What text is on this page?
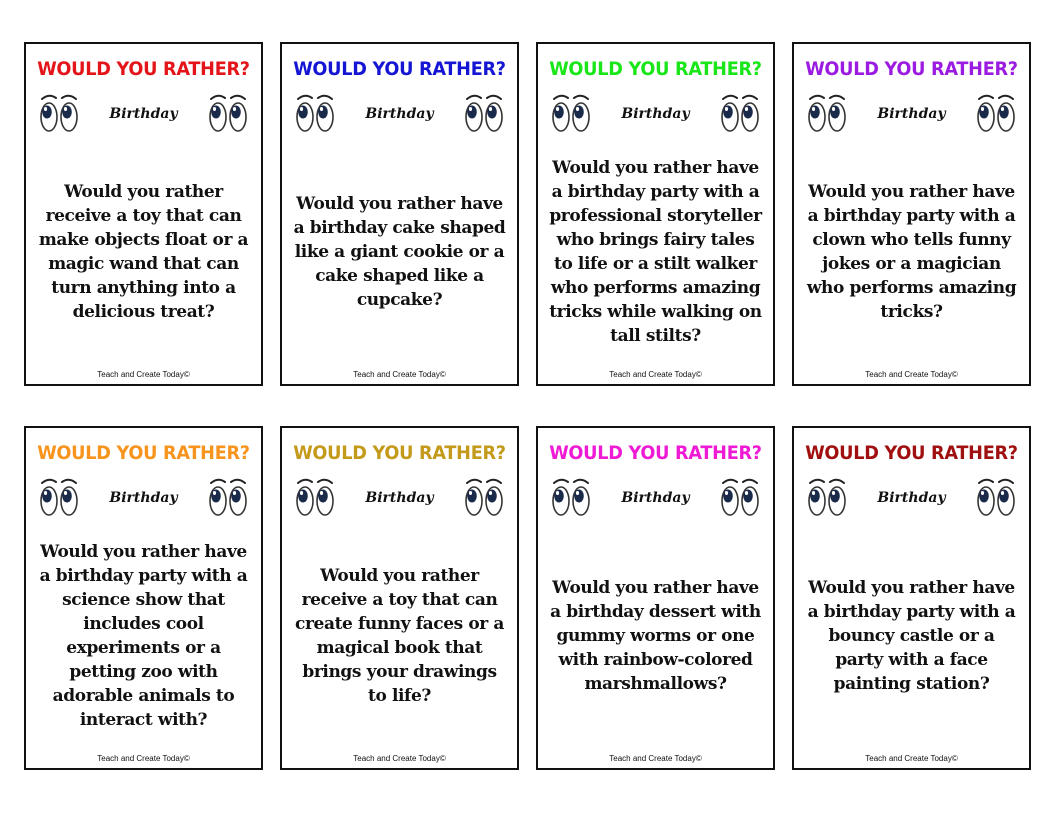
WOULD YOU RATHER?
Birthday
Would you rather receive a toy that can make objects float or a magic wand that can turn anything into a delicious treat?
Teach and Create Today©
WOULD YOU RATHER?
Birthday
Would you rather have a birthday cake shaped like a giant cookie or a cake shaped like a cupcake?
Teach and Create Today©
WOULD YOU RATHER?
Birthday
Would you rather have a birthday party with a professional storyteller who brings fairy tales to life or a stilt walker who performs amazing tricks while walking on tall stilts?
Teach and Create Today©
WOULD YOU RATHER?
Birthday
Would you rather have a birthday party with a clown who tells funny jokes or a magician who performs amazing tricks?
Teach and Create Today©
WOULD YOU RATHER?
Birthday
Would you rather have a birthday party with a science show that includes cool experiments or a petting zoo with adorable animals to interact with?
Teach and Create Today©
WOULD YOU RATHER?
Birthday
Would you rather receive a toy that can create funny faces or a magical book that brings your drawings to life?
Teach and Create Today©
WOULD YOU RATHER?
Birthday
Would you rather have a birthday dessert with gummy worms or one with rainbow-colored marshmallows?
Teach and Create Today©
WOULD YOU RATHER?
Birthday
Would you rather have a birthday party with a bouncy castle or a party with a face painting station?
Teach and Create Today©
